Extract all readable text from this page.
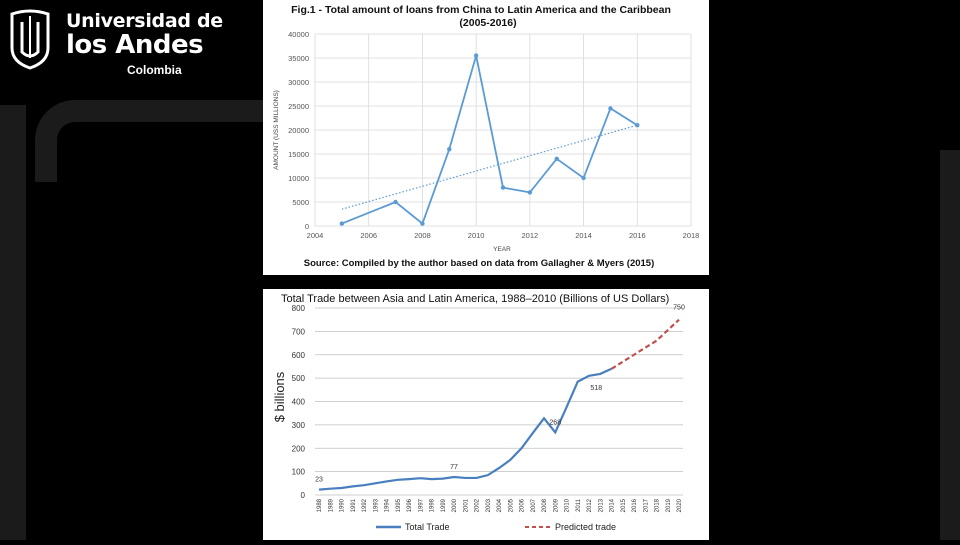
Universidad de
los Andes
Colombia
Fig.1 - Total amount of loans from China to Latin America and the Caribbean
(2005-2016)
AMOUNT (USS MILLIONS)
YEAR
Source: Compiled by the author based on data from Gallagher & Myers (2015)
0
5000
10000
15000
20000
25000
30000
35000
40000
2004	2006	2008	2010	2012	2014	2016	2018
Total Trade between Asia and Latin America, 1988–2010 (Billions of US Dollars)
$ billions
0
100
200
300
400
500
600
700
800
1988 1989 1990 1991 1992 1993 1994 1995 1996 1997 1998 1999 2000 2001 2002 2003 2004 2005 2006 2007 2008 2009 2010 2011 2012 2013 2014 2015 2016 2017 2018 2019 2020
23
77
268
518
750
Total Trade	Predicted trade
